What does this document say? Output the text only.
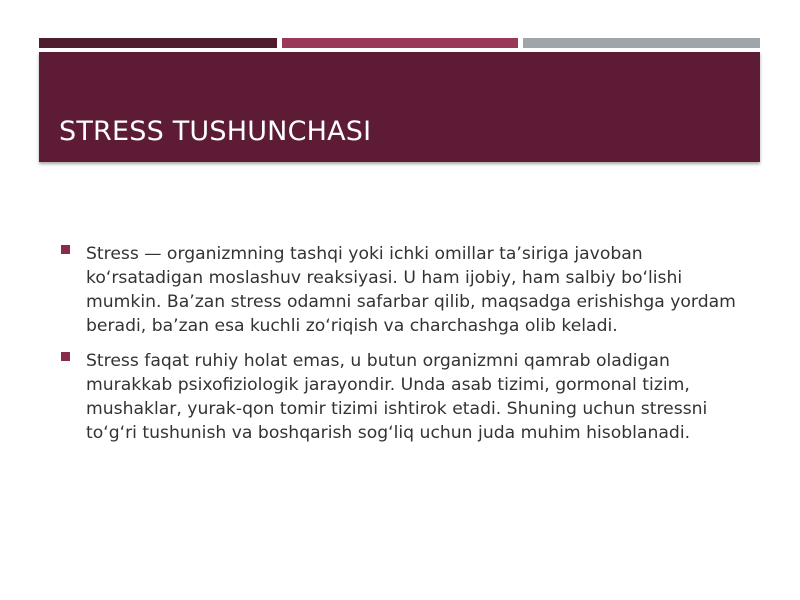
STRESS TUSHUNCHASI
Stress — organizmning tashqi yoki ichki omillar ta’siriga javoban ko‘rsatadigan moslashuv reaksiyasi. U ham ijobiy, ham salbiy bo‘lishi mumkin. Ba’zan stress odamni safarbar qilib, maqsadga erishishga yordam beradi, ba’zan esa kuchli zo‘riqish va charchashga olib keladi.
Stress faqat ruhiy holat emas, u butun organizmni qamrab oladigan murakkab psixofiziologik jarayondir. Unda asab tizimi, gormonal tizim, mushaklar, yurak-qon tomir tizimi ishtirok etadi. Shuning uchun stressni to‘g‘ri tushunish va boshqarish sog‘liq uchun juda muhim hisoblanadi.
